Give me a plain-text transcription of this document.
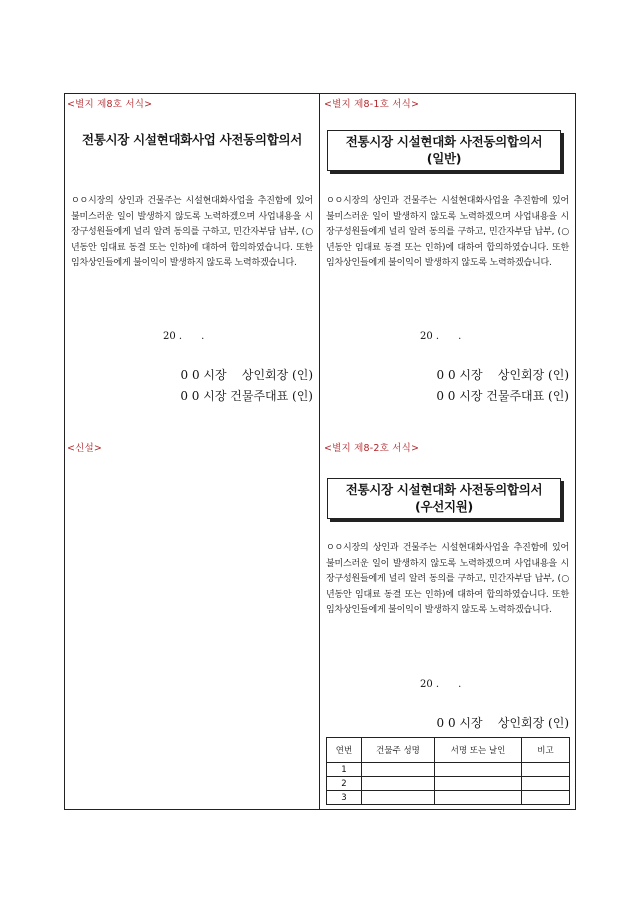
<별지 제8호 서식>
전통시장 시설현대화사업 사전동의합의서
ㅇㅇ시장의 상인과 건물주는 시설현대화사업을 추진함에 있어 불미스러운 일이 발생하지 않도록 노력하겠으며 사업내용을 시장구성원들에게 널리 알려 동의를 구하고, 민간자부담 납부, (○년동안 임대료 동결 또는 인하)에 대하여 합의하였습니다. 또한 임차상인들에게 불이익이 발생하지 않도록 노력하겠습니다.
20 .      .
0 0 시장    상인회장 (인)
0 0 시장 건물주대표 (인)
<신설>
<별지 제8-1호 서식>
전통시장 시설현대화 사전동의합의서
(일반)
ㅇㅇ시장의 상인과 건물주는 시설현대화사업을 추진함에 있어 불미스러운 일이 발생하지 않도록 노력하겠으며 사업내용을 시장구성원들에게 널리 알려 동의를 구하고, 민간자부담 납부, (○년동안 임대료 동결 또는 인하)에 대하여 합의하였습니다. 또한 임차상인들에게 불이익이 발생하지 않도록 노력하겠습니다.
20 .      .
0 0 시장    상인회장 (인)
0 0 시장 건물주대표 (인)
<별지 제8-2호 서식>
전통시장 시설현대화 사전동의합의서
(우선지원)
ㅇㅇ시장의 상인과 건물주는 시설현대화사업을 추진함에 있어 불미스러운 일이 발생하지 않도록 노력하겠으며 사업내용을 시장구성원들에게 널리 알려 동의를 구하고, 민간자부담 납부, (○년동안 임대료 동결 또는 인하)에 대하여 합의하였습니다. 또한 임차상인들에게 불이익이 발생하지 않도록 노력하겠습니다.
20 .      .
0 0 시장    상인회장 (인)
연번	건물주 성명	서명 또는 날인	비고
1			
2			
3			
